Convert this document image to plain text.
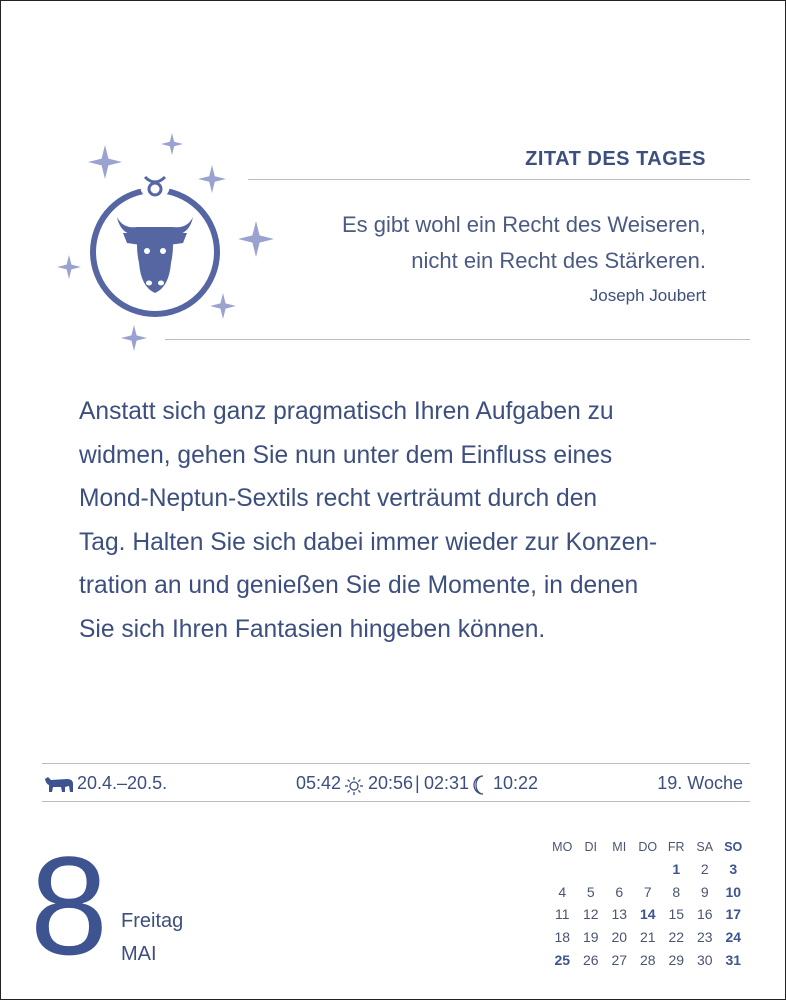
ZITAT DES TAGES
Es gibt wohl ein Recht des Weiseren,
nicht ein Recht des Stärkeren.
Joseph Joubert

Anstatt sich ganz pragmatisch Ihren Aufgaben zu
widmen, gehen Sie nun unter dem Einfluss eines
Mond-Neptun-Sextils recht verträumt durch den
Tag. Halten Sie sich dabei immer wieder zur Konzen-
tration an und genießen Sie die Momente, in denen
Sie sich Ihren Fantasien hingeben können.

20.4.–20.5.	05:42 20:56 | 02:31 10:22	19. Woche
8 Freitag
MAI
MO	DI	MI	DO	FR	SA	SO
				1	2	3
4	5	6	7	8	9	10
11	12	13	14	15	16	17
18	19	20	21	22	23	24
25	26	27	28	29	30	31
